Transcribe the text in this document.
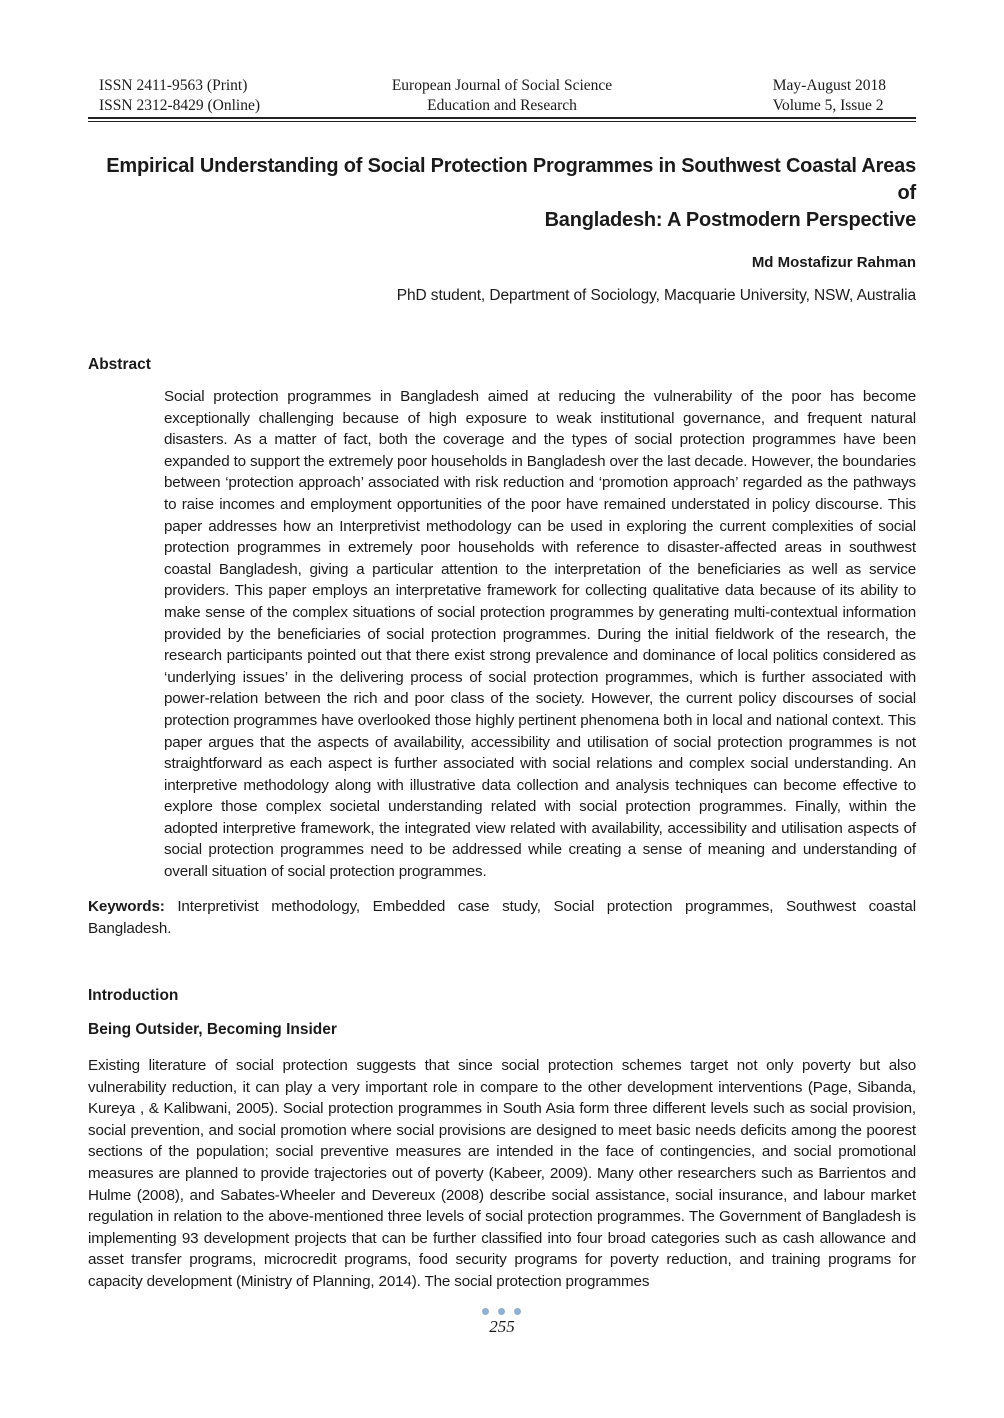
ISSN 2411-9563 (Print)
ISSN 2312-8429 (Online)
European Journal of Social Science
Education and Research
May-August 2018
Volume 5, Issue 2
Empirical Understanding of Social Protection Programmes in Southwest Coastal Areas of
Bangladesh: A Postmodern Perspective
Md Mostafizur Rahman
PhD student, Department of Sociology, Macquarie University, NSW, Australia
Abstract
Social protection programmes in Bangladesh aimed at reducing the vulnerability of the poor has become exceptionally challenging because of high exposure to weak institutional governance, and frequent natural disasters. As a matter of fact, both the coverage and the types of social protection programmes have been expanded to support the extremely poor households in Bangladesh over the last decade. However, the boundaries between ‘protection approach’ associated with risk reduction and ‘promotion approach’ regarded as the pathways to raise incomes and employment opportunities of the poor have remained understated in policy discourse. This paper addresses how an Interpretivist methodology can be used in exploring the current complexities of social protection programmes in extremely poor households with reference to disaster-affected areas in southwest coastal Bangladesh, giving a particular attention to the interpretation of the beneficiaries as well as service providers. This paper employs an interpretative framework for collecting qualitative data because of its ability to make sense of the complex situations of social protection programmes by generating multi-contextual information provided by the beneficiaries of social protection programmes. During the initial fieldwork of the research, the research participants pointed out that there exist strong prevalence and dominance of local politics considered as ‘underlying issues’ in the delivering process of social protection programmes, which is further associated with power-relation between the rich and poor class of the society. However, the current policy discourses of social protection programmes have overlooked those highly pertinent phenomena both in local and national context. This paper argues that the aspects of availability, accessibility and utilisation of social protection programmes is not straightforward as each aspect is further associated with social relations and complex social understanding. An interpretive methodology along with illustrative data collection and analysis techniques can become effective to explore those complex societal understanding related with social protection programmes. Finally, within the adopted interpretive framework, the integrated view related with availability, accessibility and utilisation aspects of social protection programmes need to be addressed while creating a sense of meaning and understanding of overall situation of social protection programmes.
Keywords: Interpretivist methodology, Embedded case study, Social protection programmes, Southwest coastal Bangladesh.
Introduction
Being Outsider, Becoming Insider
Existing literature of social protection suggests that since social protection schemes target not only poverty but also vulnerability reduction, it can play a very important role in compare to the other development interventions (Page, Sibanda, Kureya , & Kalibwani, 2005). Social protection programmes in South Asia form three different levels such as social provision, social prevention, and social promotion where social provisions are designed to meet basic needs deficits among the poorest sections of the population; social preventive measures are intended in the face of contingencies, and social promotional measures are planned to provide trajectories out of poverty (Kabeer, 2009). Many other researchers such as Barrientos and Hulme (2008), and Sabates-Wheeler and Devereux (2008) describe social assistance, social insurance, and labour market regulation in relation to the above-mentioned three levels of social protection programmes. The Government of Bangladesh is implementing 93 development projects that can be further classified into four broad categories such as cash allowance and asset transfer programs, microcredit programs, food security programs for poverty reduction, and training programs for capacity development (Ministry of Planning, 2014). The social protection programmes
255
